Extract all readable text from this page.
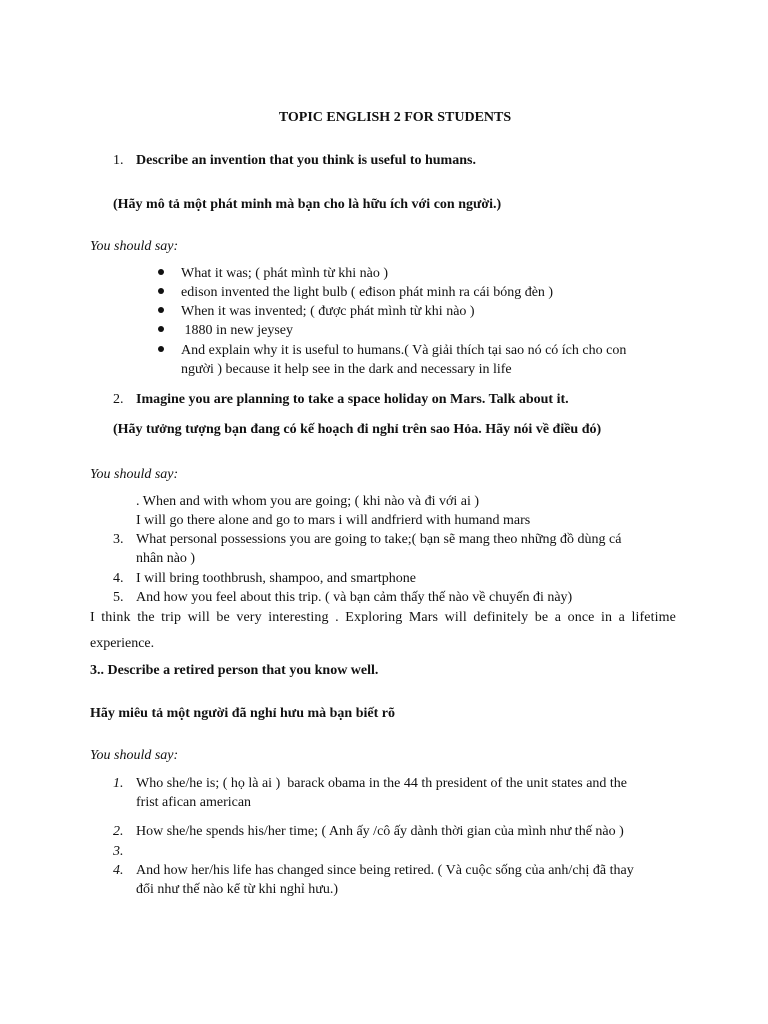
TOPIC ENGLISH 2 FOR STUDENTS
1. Describe an invention that you think is useful to humans.
(Hãy mô tả một phát minh mà bạn cho là hữu ích với con người.)
You should say:
What it was; ( phát mình từ khi nào )
edison invented the light bulb ( eđison phát minh ra cái bóng đèn )
When it was invented; ( được phát mình từ khi nào )
1880 in new jeysey
And explain why it is useful to humans.( Và giải thích tại sao nó có ích cho con
người ) because it help see in the dark and necessary in life
2. Imagine you are planning to take a space holiday on Mars. Talk about it.
(Hãy tưởng tượng bạn đang có kế hoạch đi nghỉ trên sao Hỏa. Hãy nói về điều đó)
You should say:
. When and with whom you are going; ( khi nào và đi với ai )
I will go there alone and go to mars i will andfrierd with humand mars
3. What personal possessions you are going to take;( bạn sẽ mang theo những đồ dùng cá
nhân nào )
4. I will bring toothbrush, shampoo, and smartphone
5. And how you feel about this trip. ( và bạn cảm thấy thế nào về chuyến đi này)
I think the trip will be very interesting . Exploring Mars will definitely be a once in a lifetime
experience.
3.. Describe a retired person that you know well.
Hãy miêu tả một người đã nghỉ hưu mà bạn biết rõ
You should say:
1. Who she/he is; ( họ là ai )  barack obama in the 44 th president of the unit states and the
frist afican american
2. How she/he spends his/her time; ( Anh ấy /cô ấy dành thời gian của mình như thế nào )
3.
4. And how her/his life has changed since being retired. ( Và cuộc sống của anh/chị đã thay
đổi như thế nào kể từ khi nghỉ hưu.)
